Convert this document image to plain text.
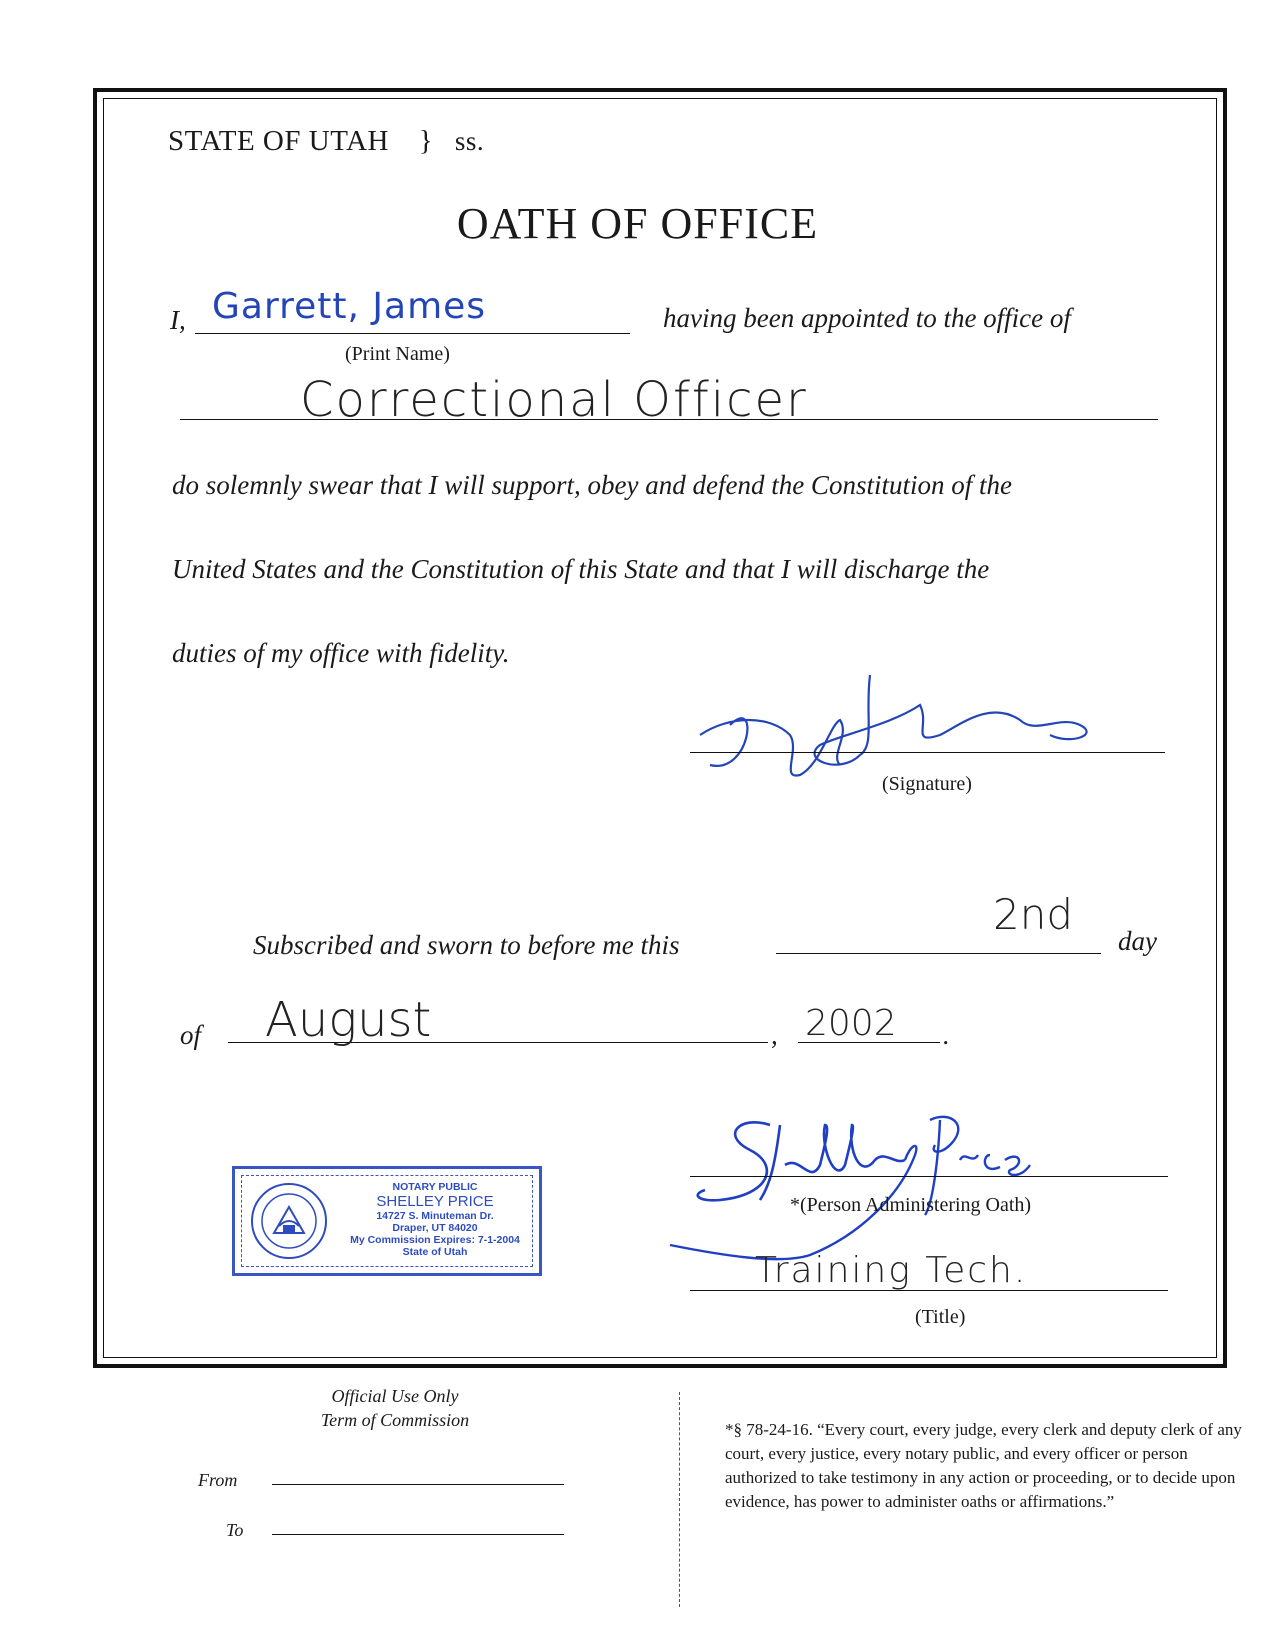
STATE OF UTAH } ss.
OATH OF OFFICE
I, Garrett, James
(Print Name)
having been appointed to the office of
Correctional Officer
do solemnly swear that I will support, obey and defend the Constitution of the
United States and the Constitution of this State and that I will discharge the
duties of my office with fidelity.
(Signature)
Subscribed and sworn to before me this
2nd
day
of August	, 2002 .
NOTARY PUBLIC
SHELLEY PRICE
14727 S. Minuteman Dr.
Draper, UT 84020
My Commission Expires: 7-1-2004
State of Utah
*(Person Administering Oath)
Training Tech.
(Title)
Official Use Only
Term of Commission
From
To
*§ 78-24-16. “Every court, every judge, every clerk and deputy clerk of any court, every justice, every notary public, and every officer or person authorized to take testimony in any action or proceeding, or to decide upon evidence, has power to administer oaths or affirmations.”
